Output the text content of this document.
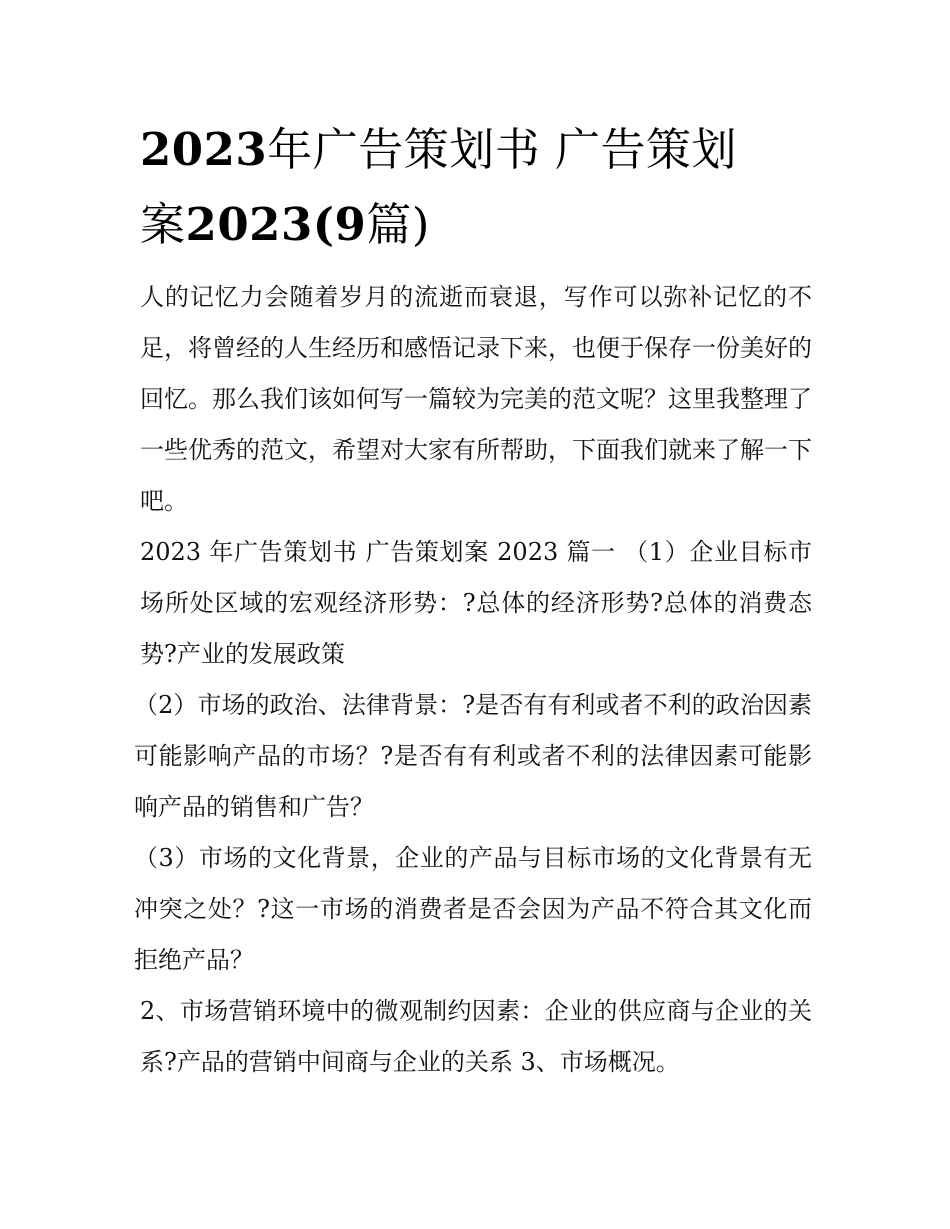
2023年广告策划书 广告策划
案2023(9篇)

人的记忆力会随着岁月的流逝而衰退，写作可以弥补记忆的不足，将曾经的人生经历和感悟记录下来，也便于保存一份美好的回忆。那么我们该如何写一篇较为完美的范文呢？这里我整理了一些优秀的范文，希望对大家有所帮助，下面我们就来了解一下吧。

2023 年广告策划书 广告策划案 2023 篇一 （1）企业目标市场所处区域的宏观经济形势：?总体的经济形势?总体的消费态势?产业的发展政策

（2）市场的政治、法律背景：?是否有有利或者不利的政治因素可能影响产品的市场？?是否有有利或者不利的法律因素可能影响产品的销售和广告？

（3）市场的文化背景，企业的产品与目标市场的文化背景有无冲突之处？?这一市场的消费者是否会因为产品不符合其文化而拒绝产品？

2、市场营销环境中的微观制约因素：企业的供应商与企业的关系?产品的营销中间商与企业的关系 3、市场概况。
